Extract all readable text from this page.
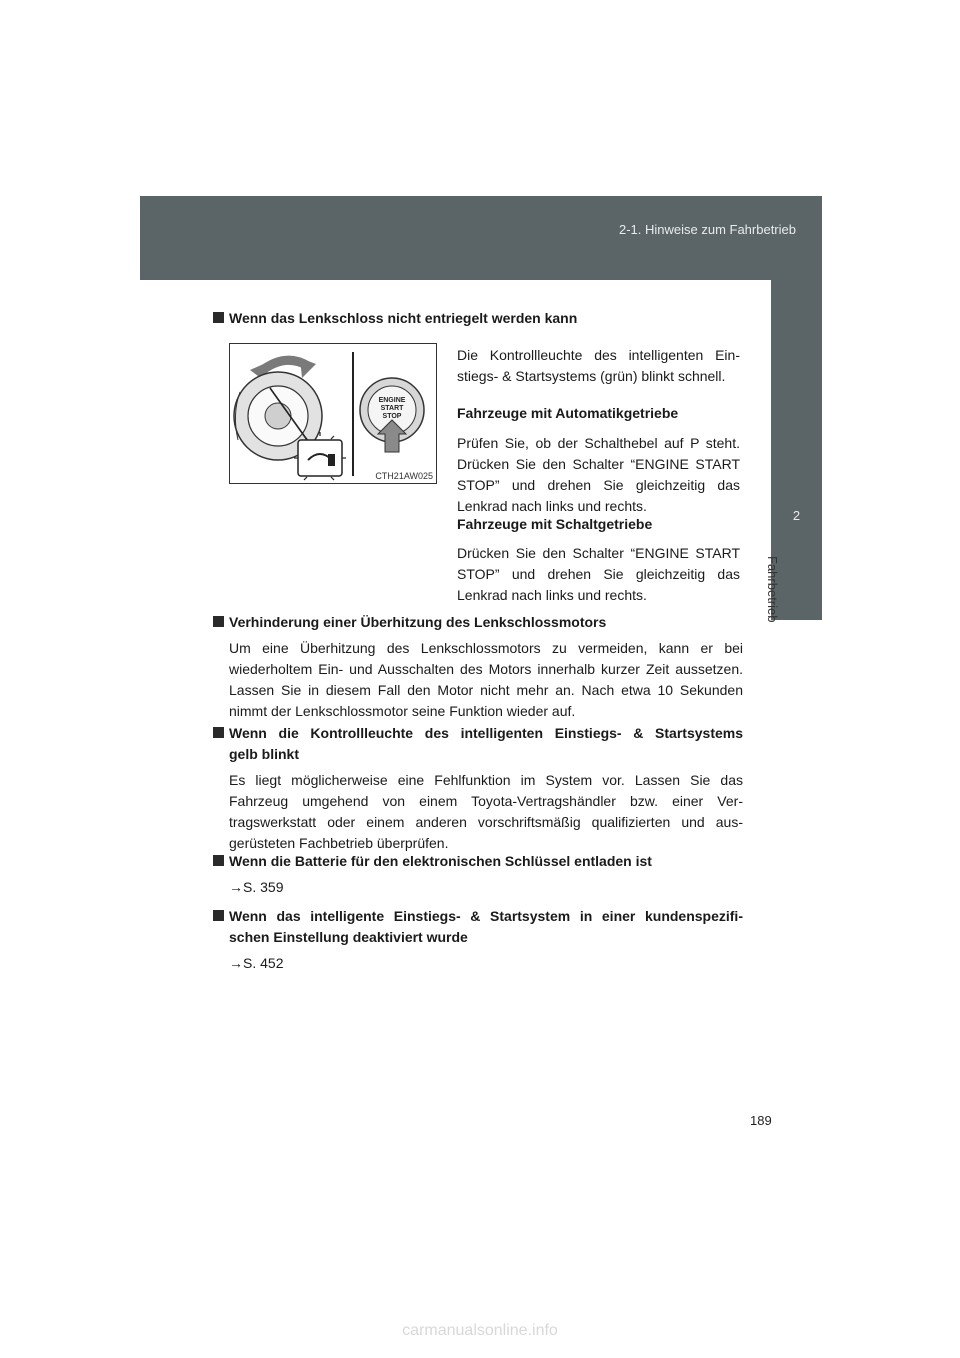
2-1. Hinweise zum Fahrbetrieb
2
Fahrbetrieb
Wenn das Lenkschloss nicht entriegelt werden kann
ENGINE
START
STOP
CTH21AW025
Die Kontrollleuchte des intelligenten Einstiegs- & Startsystems (grün) blinkt schnell.
Fahrzeuge mit Automatikgetriebe
Prüfen Sie, ob der Schalthebel auf P steht. Drücken Sie den Schalter “ENGINE START STOP” und drehen Sie gleichzeitig das Lenkrad nach links und rechts.
Fahrzeuge mit Schaltgetriebe
Drücken Sie den Schalter “ENGINE START STOP” und drehen Sie gleichzeitig das Lenkrad nach links und rechts.
Verhinderung einer Überhitzung des Lenkschlossmotors
Um eine Überhitzung des Lenkschlossmotors zu vermeiden, kann er bei wiederholtem Ein- und Ausschalten des Motors innerhalb kurzer Zeit aussetzen. Lassen Sie in diesem Fall den Motor nicht mehr an. Nach etwa 10 Sekunden nimmt der Lenkschlossmotor seine Funktion wieder auf.
Wenn die Kontrollleuchte des intelligenten Einstiegs- & Startsystems
gelb blinkt
Es liegt möglicherweise eine Fehlfunktion im System vor. Lassen Sie das Fahrzeug umgehend von einem Toyota-Vertragshändler bzw. einer Vertragswerkstatt oder einem anderen vorschriftsmäßig qualifizierten und ausgerüsteten Fachbetrieb überprüfen.
Wenn die Batterie für den elektronischen Schlüssel entladen ist
→S. 359
Wenn das intelligente Einstiegs- & Startsystem in einer kundenspezifi-
schen Einstellung deaktiviert wurde
→S. 452
189
carmanualsonline.info
